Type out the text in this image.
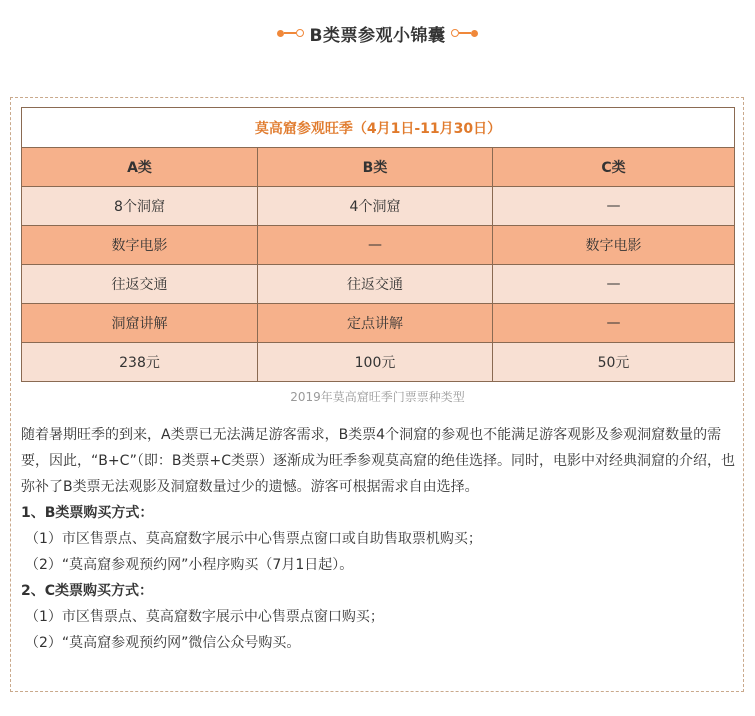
B类票参观小锦囊
莫高窟参观旺季（4月1日-11月30日）		
A类	B类	C类
8个洞窟	4个洞窟	—
数字电影	—	数字电影
往返交通	往返交通	—
洞窟讲解	定点讲解	—
238元	100元	50元
2019年莫高窟旺季门票票种类型

随着暑期旺季的到来，A类票已无法满足游客需求，B类票4个洞窟的参观也不能满足游客观影及参观洞窟数量的需要，因此，“B+C”（即：B类票+C类票）逐渐成为旺季参观莫高窟的绝佳选择。同时，电影中对经典洞窟的介绍，也弥补了B类票无法观影及洞窟数量过少的遗憾。游客可根据需求自由选择。

1、B类票购买方式：

（1）市区售票点、莫高窟数字展示中心售票点窗口或自助售取票机购买；

（2）“莫高窟参观预约网”小程序购买（7月1日起）。

2、C类票购买方式：

（1）市区售票点、莫高窟数字展示中心售票点窗口购买；

（2）“莫高窟参观预约网”微信公众号购买。
